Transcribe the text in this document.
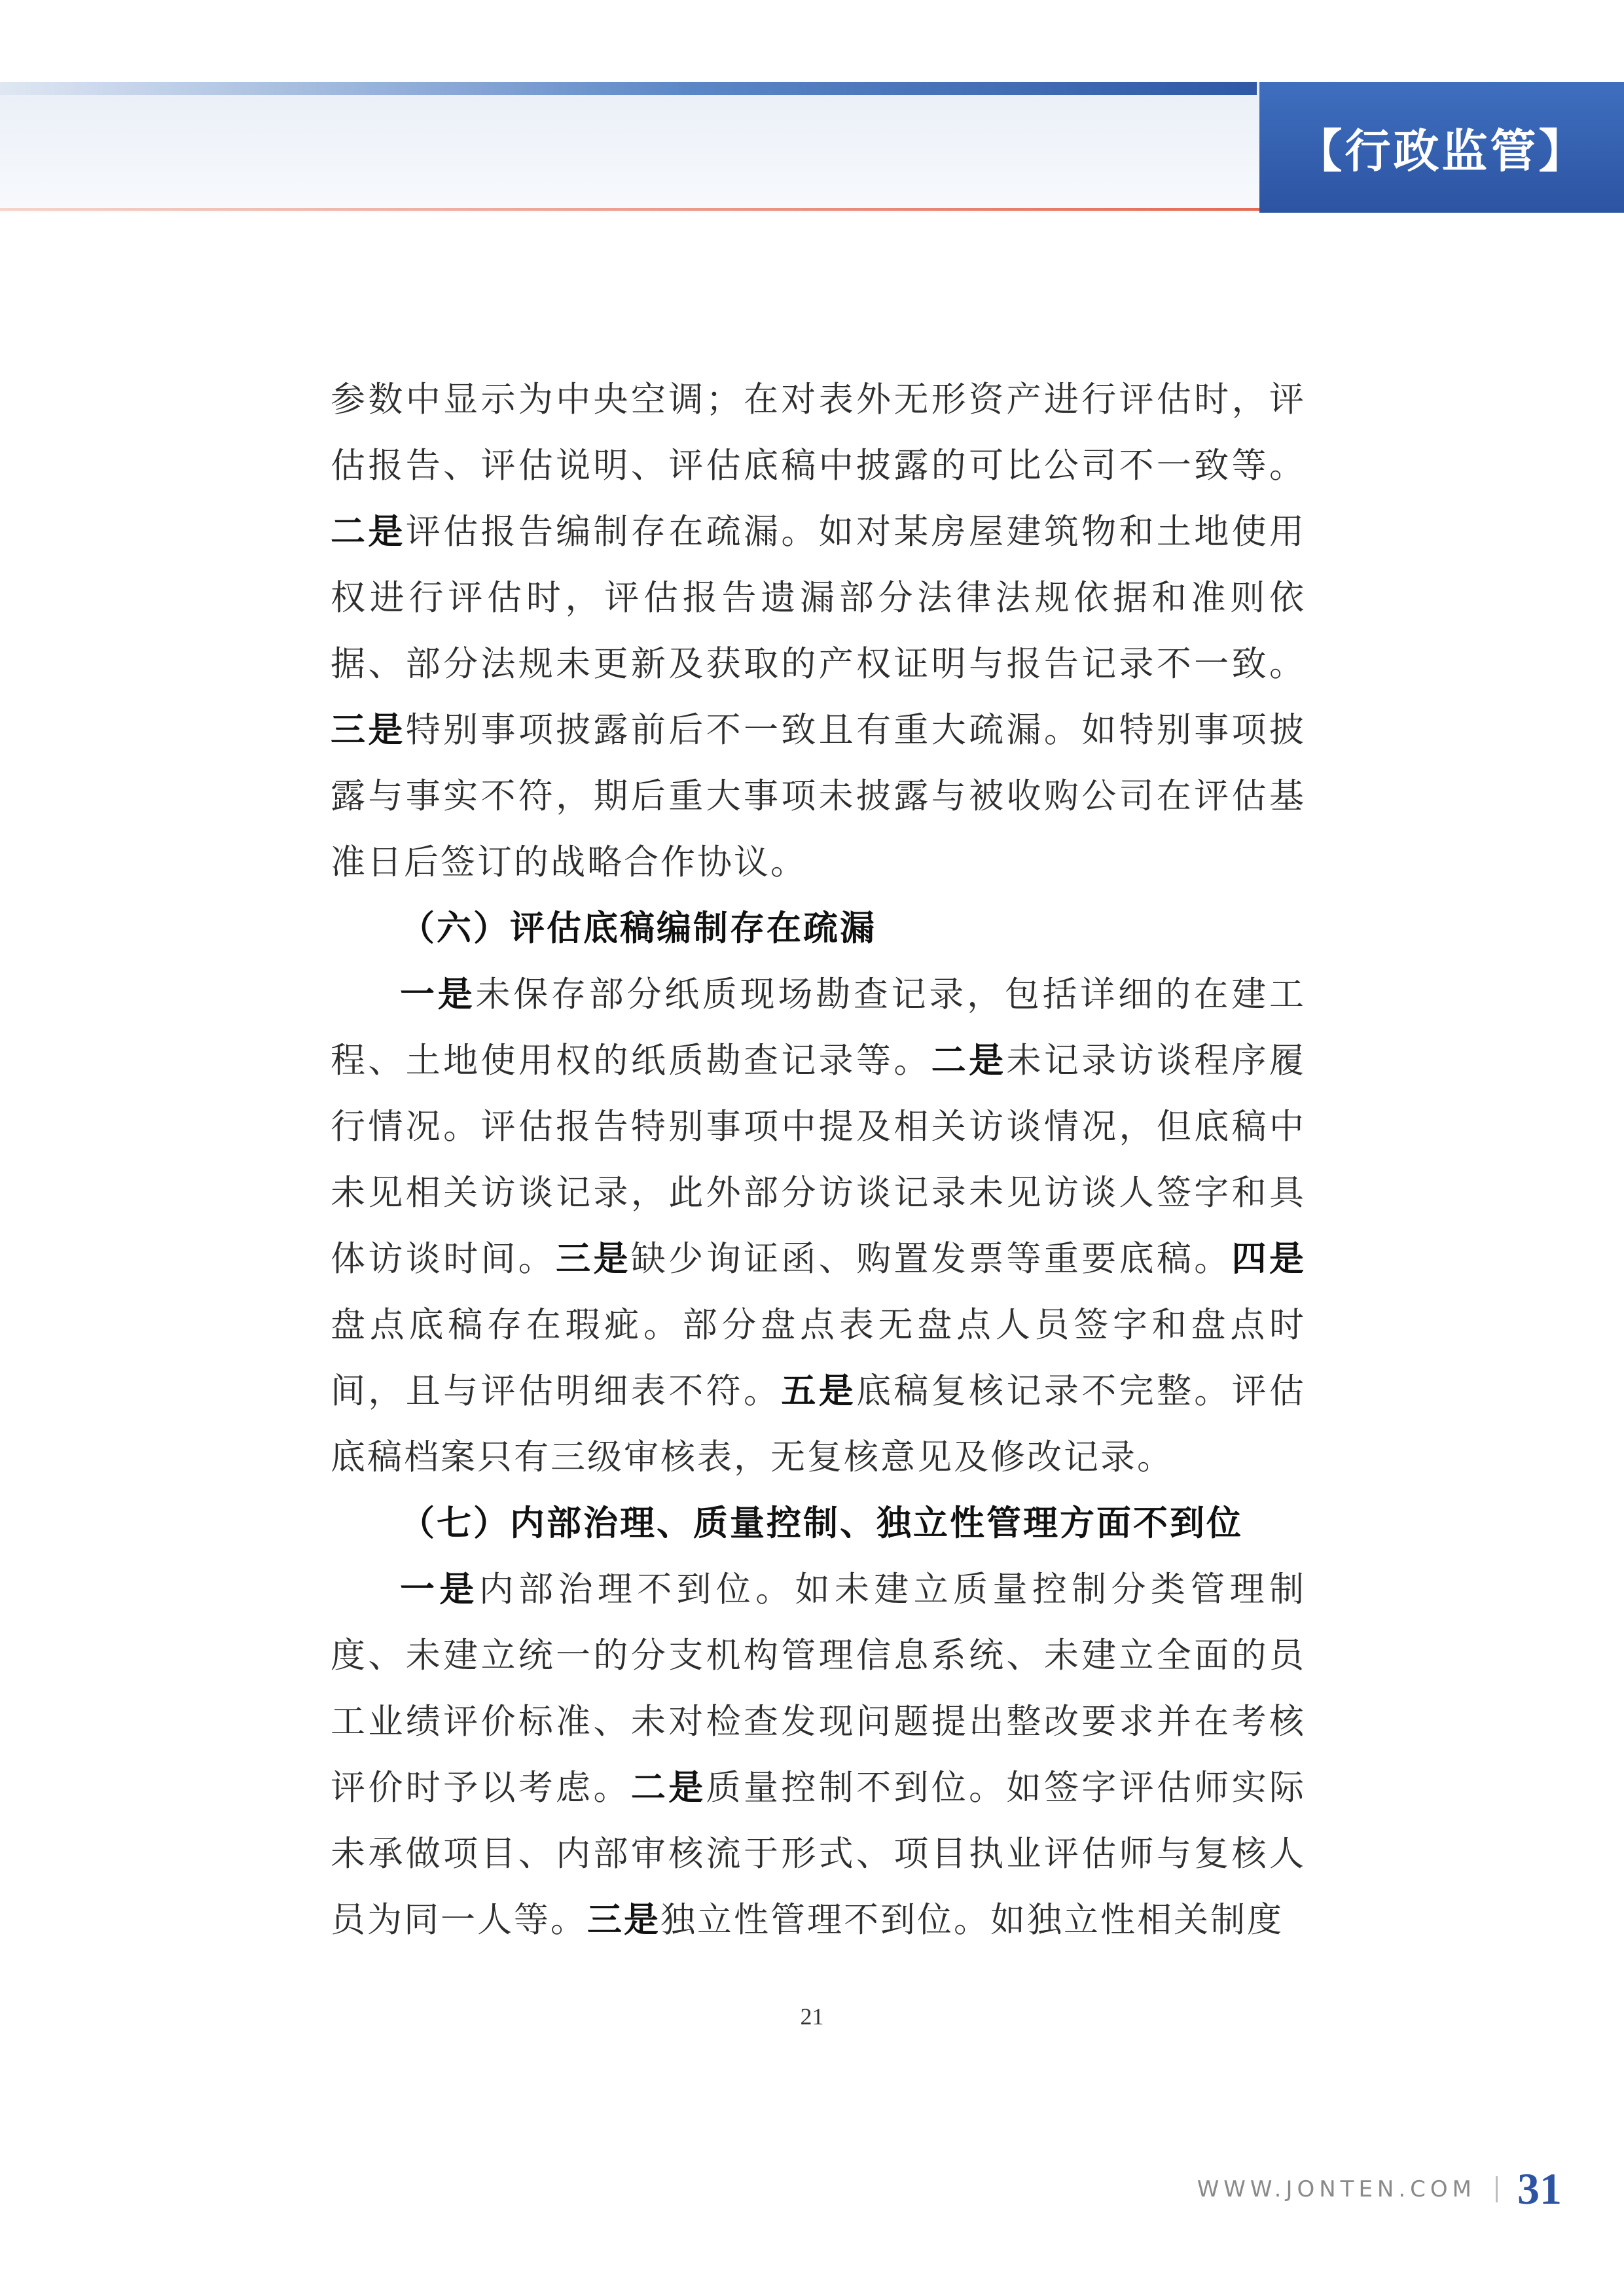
【行政监管】

参数中显示为中央空调；在对表外无形资产进行评估时，评估报告、评估说明、评估底稿中披露的可比公司不一致等。二是评估报告编制存在疏漏。如对某房屋建筑物和土地使用权进行评估时，评估报告遗漏部分法律法规依据和准则依据、部分法规未更新及获取的产权证明与报告记录不一致。三是特别事项披露前后不一致且有重大疏漏。如特别事项披露与事实不符，期后重大事项未披露与被收购公司在评估基准日后签订的战略合作协议。

（六）评估底稿编制存在疏漏

一是未保存部分纸质现场勘查记录，包括详细的在建工程、土地使用权的纸质勘查记录等。二是未记录访谈程序履行情况。评估报告特别事项中提及相关访谈情况，但底稿中未见相关访谈记录，此外部分访谈记录未见访谈人签字和具体访谈时间。三是缺少询证函、购置发票等重要底稿。四是盘点底稿存在瑕疵。部分盘点表无盘点人员签字和盘点时间，且与评估明细表不符。五是底稿复核记录不完整。评估底稿档案只有三级审核表，无复核意见及修改记录。

（七）内部治理、质量控制、独立性管理方面不到位

一是内部治理不到位。如未建立质量控制分类管理制度、未建立统一的分支机构管理信息系统、未建立全面的员工业绩评价标准、未对检查发现问题提出整改要求并在考核评价时予以考虑。二是质量控制不到位。如签字评估师实际未承做项目、内部审核流于形式、项目执业评估师与复核人员为同一人等。三是独立性管理不到位。如独立性相关制度

21
WWW.JONTEN.COM 31
